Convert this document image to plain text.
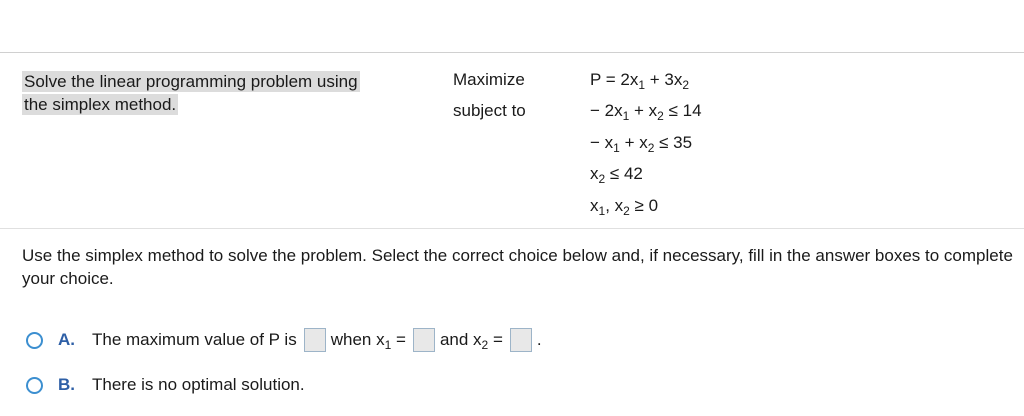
Solve the linear programming problem using
the simplex method.
Maximize
subject to
$P = 2x_1 + 3x_2$
− $2x_1 + x_2 \le 14$
− $x_1 + x_2 \le 35$
$x_2 \le 42$
$x_1$, $x_2 \ge 0$
Use the simplex method to solve the problem. Select the correct choice below and, if necessary, fill in the answer boxes to complete
your choice.
A.	The maximum value of P is when $x_1$ = and $x_2$ = .
B.	There is no optimal solution.
